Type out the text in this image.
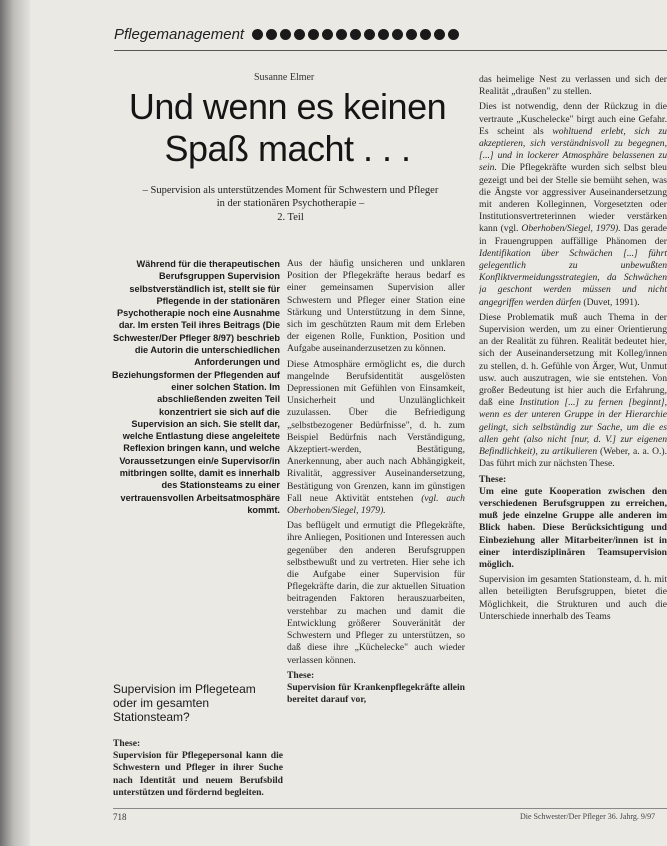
Pflegemanagement
Susanne Elmer
Und wenn es keinen
Spaß macht . . .
– Supervision als unterstützendes Moment für Schwestern und Pfleger
in der stationären Psychotherapie –
2. Teil
Während für die therapeutischen Berufsgruppen Supervision selbstverständlich ist, stellt sie für Pflegende in der stationären Psychotherapie noch eine Ausnahme dar. Im ersten Teil ihres Beitrags (Die Schwester/Der Pfleger 8/97) beschrieb die Autorin die unterschiedlichen Anforderungen und Beziehungsformen der Pflegenden auf einer solchen Station. Im abschließenden zweiten Teil konzentriert sie sich auf die Supervision an sich. Sie stellt dar, welche Entlastung diese angeleitete Reflexion bringen kann, und welche Voraussetzungen ein/e Supervisor/in mitbringen sollte, damit es innerhalb des Stationsteams zu einer vertrauensvollen Arbeitsatmosphäre kommt.
Supervision im Pflegeteam oder im gesamten Stationsteam?

These:
Supervision für Pflegepersonal kann die Schwestern und Pfleger in ihrer Suche nach Identität und neuem Berufsbild unterstützen und fördernd begleiten.

Aus der häufig unsicheren und unklaren Position der Pflegekräfte heraus bedarf es einer gemeinsamen Supervision aller Schwestern und Pfleger einer Station eine Stärkung und Unterstützung in dem Sinne, sich im geschützten Raum mit dem Erleben der eigenen Rolle, Funktion, Position und Aufgabe auseinanderzusetzen zu können.

Diese Atmosphäre ermöglicht es, die durch mangelnde Berufsidentität ausgelösten Depressionen mit Gefühlen von Einsamkeit, Unsicherheit und Unzulänglichkeit zuzulassen. Über die Befriedigung „selbstbezogener Bedürfnisse", d. h. zum Beispiel Bedürfnis nach Verständigung, Akzeptiert-werden, Bestätigung, Anerkennung, aber auch nach Abhängigkeit, Rivalität, aggressiver Auseinandersetzung, Bestätigung von Grenzen, kann im günstigen Fall neue Aktivität entstehen (vgl. auch Oberhoben/Siegel, 1979).

Das beflügelt und ermutigt die Pflegekräfte, ihre Anliegen, Positionen und Interessen auch gegenüber den anderen Berufsgruppen selbstbewußt und zu vertreten. Hier sehe ich die Aufgabe einer Supervision für Pflegekräfte darin, die zur aktuellen Situation beitragenden Faktoren herauszuarbeiten, verstehbar zu machen und damit die Entwicklung größerer Souveränität der Schwestern und Pfleger zu unterstützen, so daß diese ihre „Küchelecke" auch wieder verlassen können.

These:
Supervision für Krankenpflegekräfte allein bereitet darauf vor,

das heimelige Nest zu verlassen und sich der Realität „draußen" zu stellen.

Dies ist notwendig, denn der Rückzug in die vertraute „Kuschelecke" birgt auch eine Gefahr. Es scheint als wohltuend erlebt, sich zu akzeptieren, sich verständnisvoll zu begegnen, [...] und in lockerer Atmosphäre belassenen zu sein. Die Pflegekräfte wurden sich selbst bleu gezeigt und bei der Stelle sie bemüht sehen, was die Ängste vor aggressiver Auseinandersetzung mit anderen Kolleginnen, Vorgesetzten oder Institutionsvertreterinnen wieder verstärken kann (vgl. Oberhoben/Siegel, 1979). Das gerade in Frauengruppen auffällige Phänomen der Identifikation über Schwächen [...] führt gelegentlich zu unbewußten Konfliktvermeidungsstrategien, da Schwächen ja geschont werden müssen und nicht angegriffen werden dürfen (Duvet, 1991).

Diese Problematik muß auch Thema in der Supervision werden, um zu einer Orientierung an der Realität zu führen. Realität bedeutet hier, sich der Auseinandersetzung mit Kolleg/innen zu stellen, d. h. Gefühle von Ärger, Wut, Unmut usw. auch auszutragen, wie sie entstehen. Von großer Bedeutung ist hier auch die Erfahrung, daß eine Institution [...] zu fernen [beginnt], wenn es der unteren Gruppe in der Hierarchie gelingt, sich selbständig zur Sache, um die es allen geht (also nicht [nur, d. V.] zur eigenen Befindlichkeit), zu artikulieren (Weber, a. a. O.). Das führt mich zur nächsten These.

These:
Um eine gute Kooperation zwischen den verschiedenen Berufsgruppen zu erreichen, muß jede einzelne Gruppe alle anderen im Blick haben. Diese Berücksichtigung und Einbeziehung aller Mitarbeiter/innen ist in einer interdisziplinären Teamsupervision möglich.

Supervision im gesamten Stationsteam, d. h. mit allen beteiligten Berufsgruppen, bietet die Möglichkeit, die Strukturen und auch die Unterschiede innerhalb des Teams

718	Die Schwester/Der Pfleger 36. Jahrg. 9/97
